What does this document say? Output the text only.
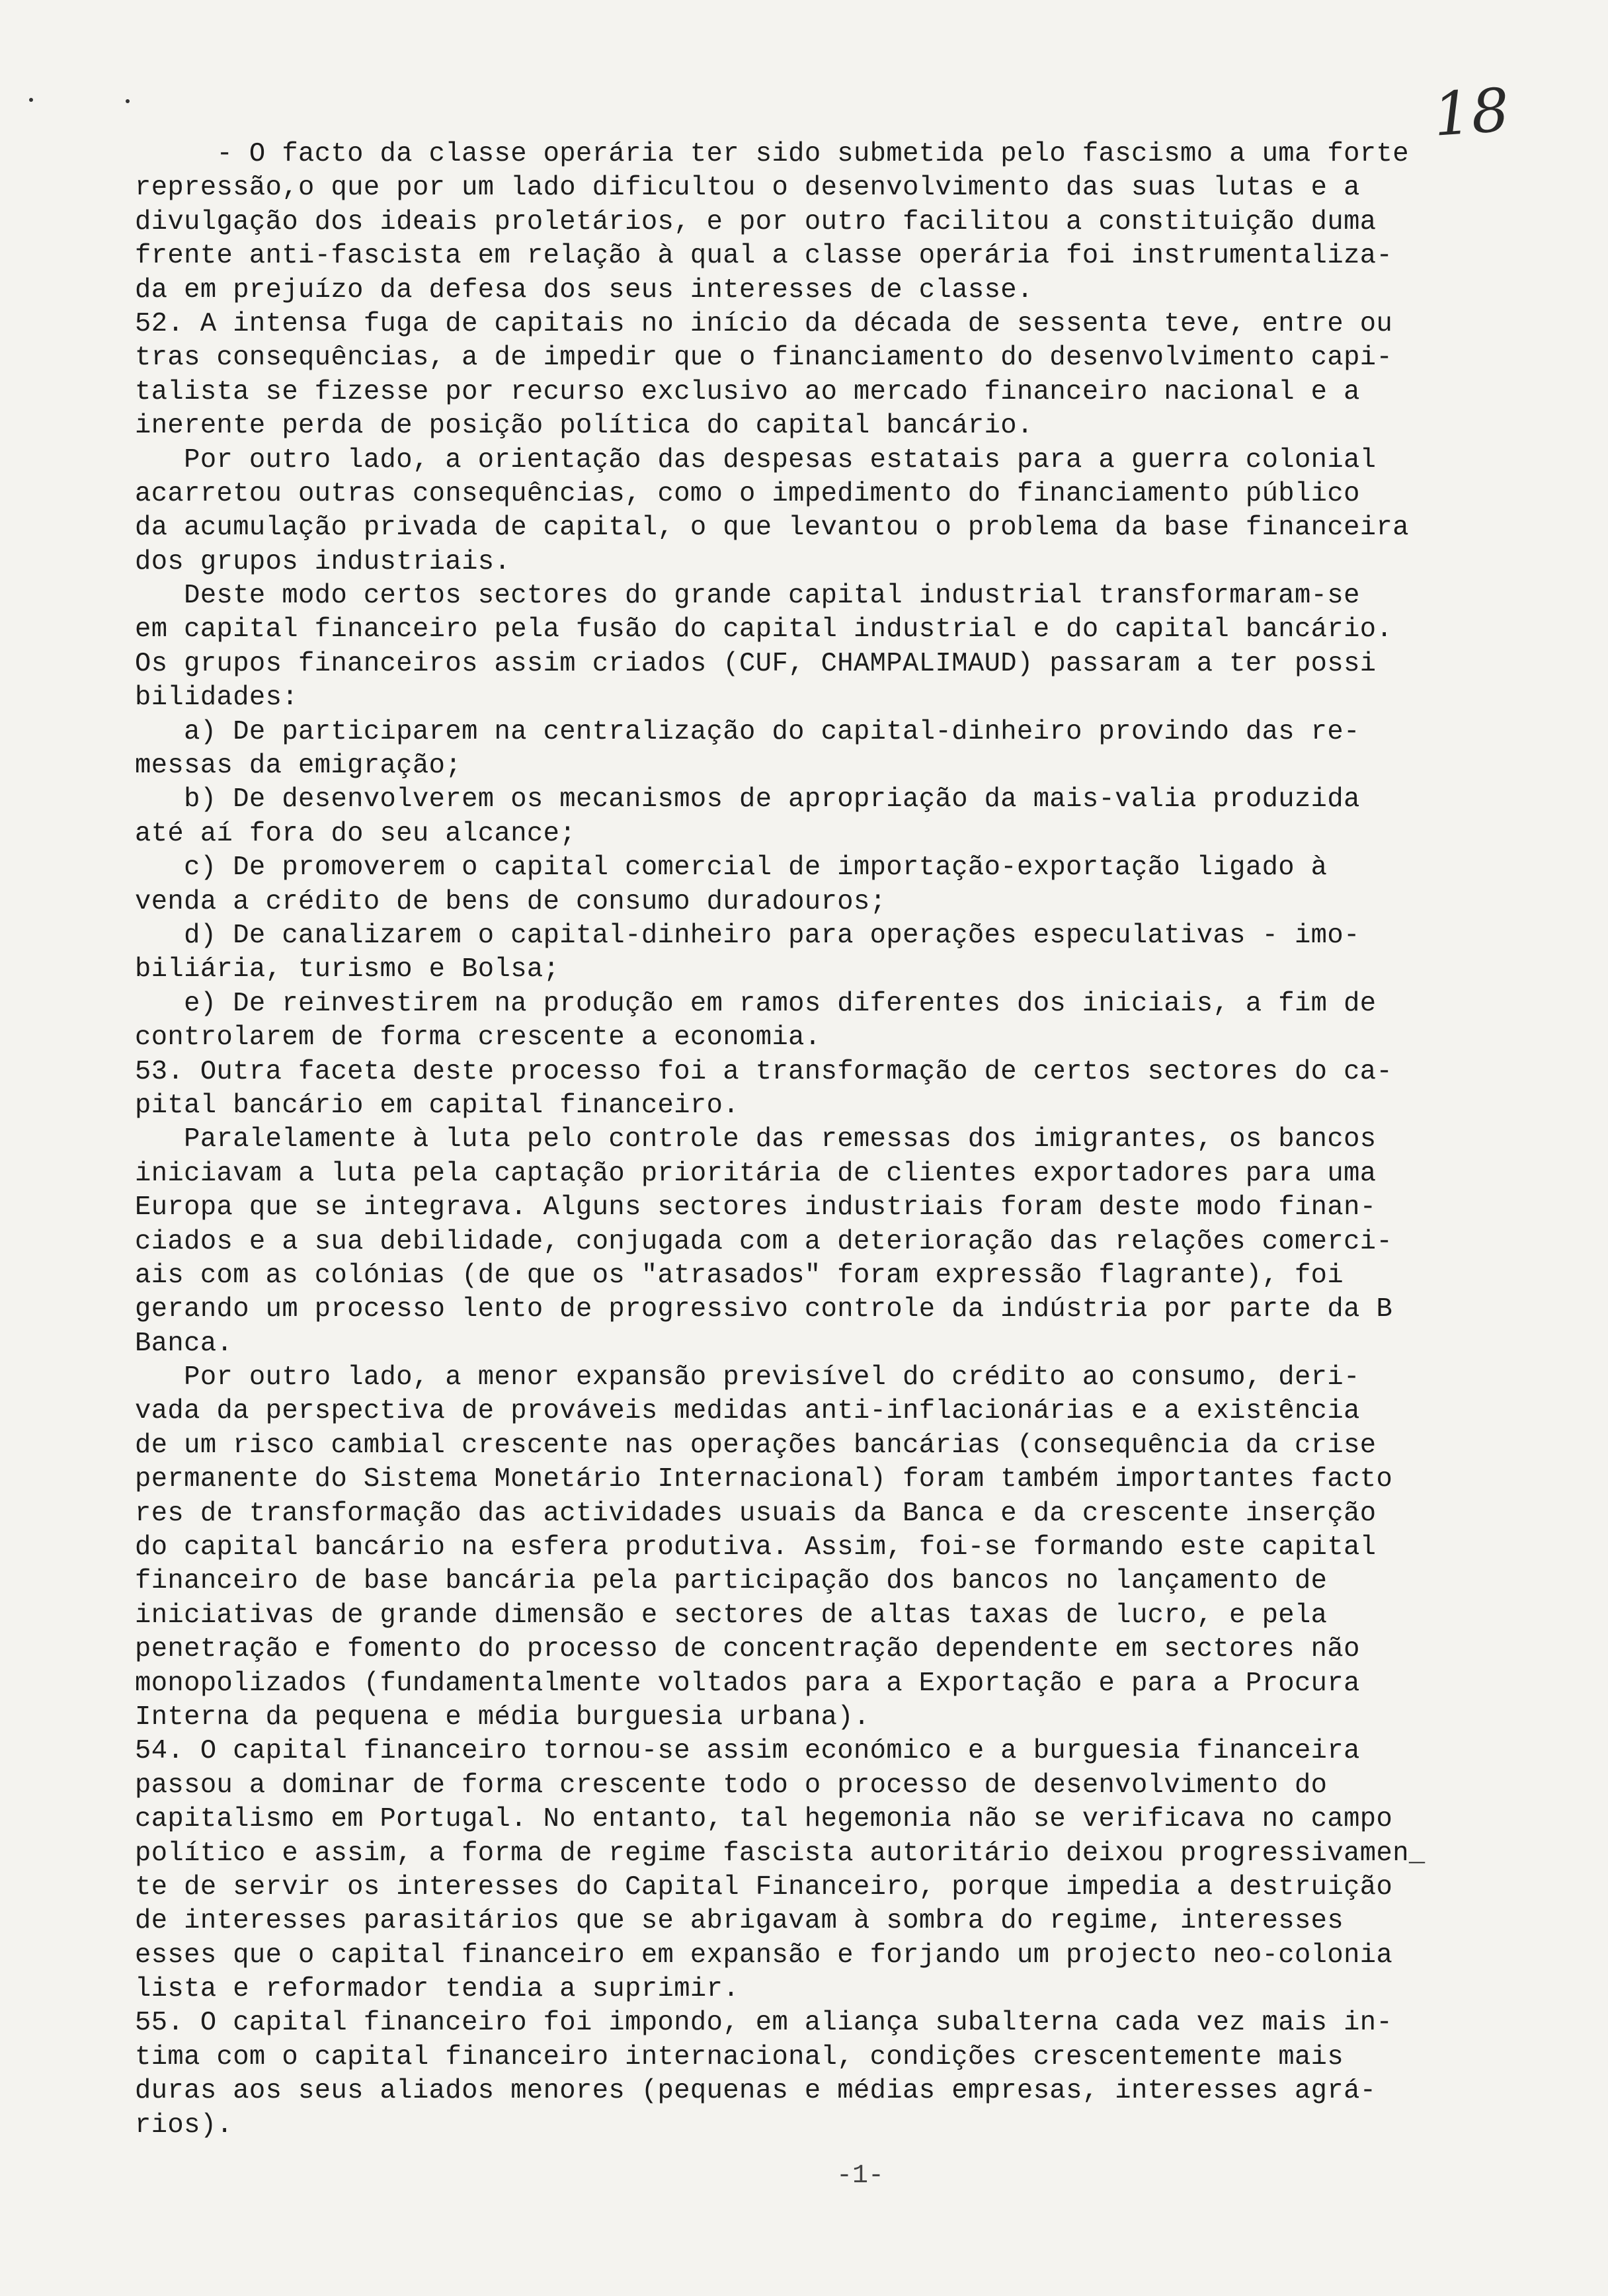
18
- O facto da classe operária ter sido submetida pelo fascismo a uma forte
repressão,o que por um lado dificultou o desenvolvimento das suas lutas e a
divulgação dos ideais proletários, e por outro facilitou a constituição duma
frente anti-fascista em relação à qual a classe operária foi instrumentaliza-
da em prejuízo da defesa dos seus interesses de classe.
52. A intensa fuga de capitais no início da década de sessenta teve, entre ou
tras consequências, a de impedir que o financiamento do desenvolvimento capi-
talista se fizesse por recurso exclusivo ao mercado financeiro nacional e a
inerente perda de posição política do capital bancário.
Por outro lado, a orientação das despesas estatais para a guerra colonial
acarretou outras consequências, como o impedimento do financiamento público
da acumulação privada de capital, o que levantou o problema da base financeira
dos grupos industriais.
Deste modo certos sectores do grande capital industrial transformaram-se
em capital financeiro pela fusão do capital industrial e do capital bancário.
Os grupos financeiros assim criados (CUF, CHAMPALIMAUD) passaram a ter possi
bilidades:
a) De participarem na centralização do capital-dinheiro provindo das re-
messas da emigração;
b) De desenvolverem os mecanismos de apropriação da mais-valia produzida
até aí fora do seu alcance;
c) De promoverem o capital comercial de importação-exportação ligado à
venda a crédito de bens de consumo duradouros;
d) De canalizarem o capital-dinheiro para operações especulativas - imo-
biliária, turismo e Bolsa;
e) De reinvestirem na produção em ramos diferentes dos iniciais, a fim de
controlarem de forma crescente a economia.
53. Outra faceta deste processo foi a transformação de certos sectores do ca-
pital bancário em capital financeiro.
Paralelamente à luta pelo controle das remessas dos imigrantes, os bancos
iniciavam a luta pela captação prioritária de clientes exportadores para uma
Europa que se integrava. Alguns sectores industriais foram deste modo finan-
ciados e a sua debilidade, conjugada com a deterioração das relações comerci-
ais com as colónias (de que os "atrasados" foram expressão flagrante), foi
gerando um processo lento de progressivo controle da indústria por parte da B
Banca.
Por outro lado, a menor expansão previsível do crédito ao consumo, deri-
vada da perspectiva de prováveis medidas anti-inflacionárias e a existência
de um risco cambial crescente nas operações bancárias (consequência da crise
permanente do Sistema Monetário Internacional) foram também importantes facto
res de transformação das actividades usuais da Banca e da crescente inserção
do capital bancário na esfera produtiva. Assim, foi-se formando este capital
financeiro de base bancária pela participação dos bancos no lançamento de
iniciativas de grande dimensão e sectores de altas taxas de lucro, e pela
penetração e fomento do processo de concentração dependente em sectores não
monopolizados (fundamentalmente voltados para a Exportação e para a Procura
Interna da pequena e média burguesia urbana).
54. O capital financeiro tornou-se assim económico e a burguesia financeira
passou a dominar de forma crescente todo o processo de desenvolvimento do
capitalismo em Portugal. No entanto, tal hegemonia não se verificava no campo
político e assim, a forma de regime fascista autoritário deixou progressivamen_
te de servir os interesses do Capital Financeiro, porque impedia a destruição
de interesses parasitários que se abrigavam à sombra do regime, interesses
esses que o capital financeiro em expansão e forjando um projecto neo-colonia
lista e reformador tendia a suprimir.
55. O capital financeiro foi impondo, em aliança subalterna cada vez mais in-
tima com o capital financeiro internacional, condições crescentemente mais
duras aos seus aliados menores (pequenas e médias empresas, interesses agrá-
rios).
-1-
